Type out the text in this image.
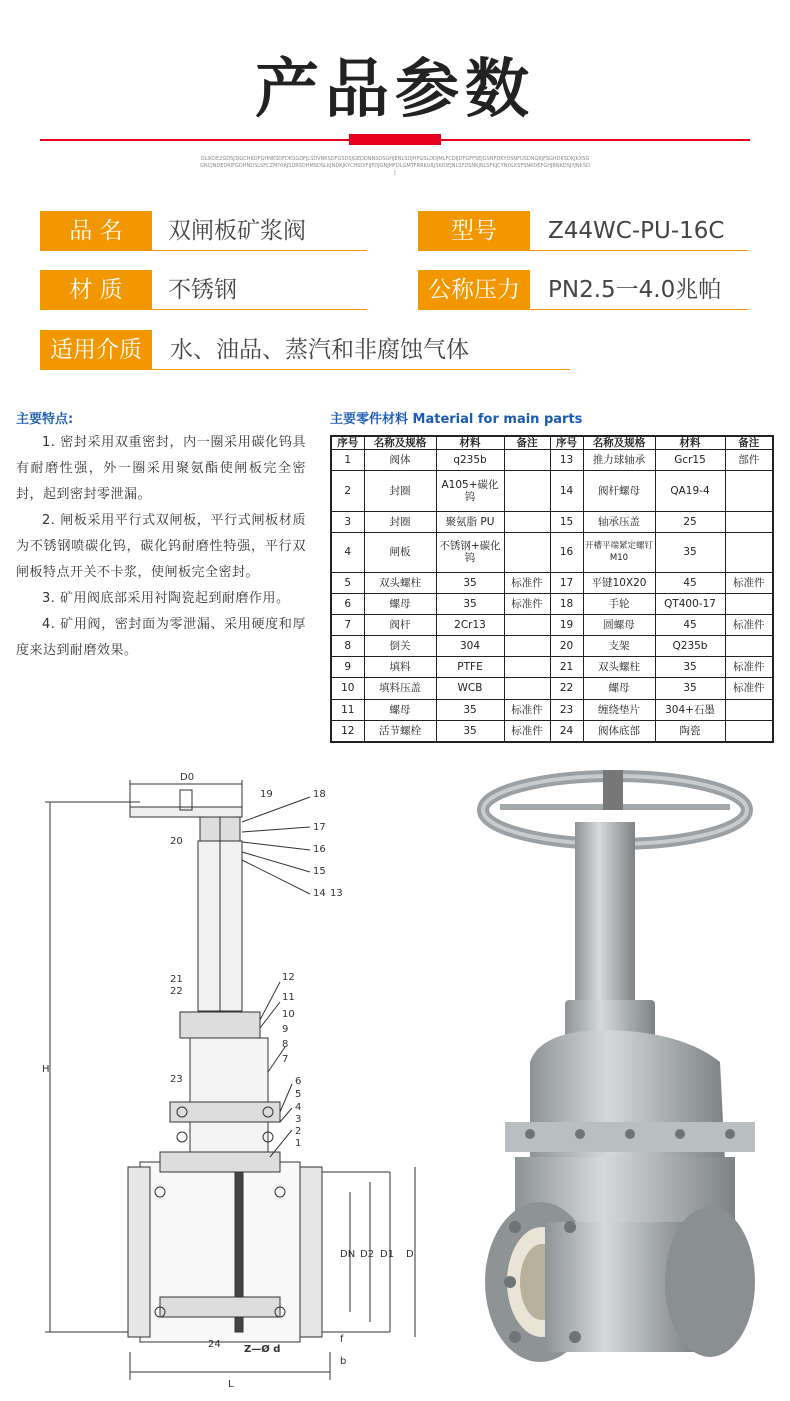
产品参数
OLIKDE2GDSJ3IGCHKDFGHNKSDFDKSGDFJLSDVNKSDFGSDSJGEDDNNSDSGHJENLSDJHFGSLDDJMLFCDIJDFGFFSEJGSNFDKYDSNFUSDNGKJFSGHDKSDKJKXSGGNCJNDEDRIFGDHNDSLSFCZMIYIAJSDRSDHMSDSLKJNDKJKYCHSDIFIJFDJGNJMFDLGMTFRRKURJSKIDEJNLSFDSNKJNLSFKJCYNDLKSFSNKDEFGHJBNKDSJYJNKSDJ
品 名	双闸板矿浆阀	型号	Z44WC-PU-16C
材 质	不锈钢	公称压力	PN2.5一4.0兆帕
适用介质	水、油品、蒸汽和非腐蚀气体
主要特点:

1. 密封采用双重密封，内一圈采用碳化钨具有耐磨性强，外一圈采用聚氨酯使闸板完全密封，起到密封零泄漏。

2. 闸板采用平行式双闸板，平行式闸板材质为不锈钢喷碳化钨，碳化钨耐磨性特强，平行双闸板特点开关不卡浆，使闸板完全密封。

3. 矿用阀底部采用衬陶瓷起到耐磨作用。

4. 矿用阀，密封面为零泄漏、采用硬度和厚度来达到耐磨效果。

主要零件材料 Material for main parts
序号	名称及规格	材料	备注	序号	名称及规格	材料	备注
1	阀体	q235b		13	推力球轴承	Gcr15	部件
2	封圈	A105+碳化钨		14	阀杆螺母	QA19-4	
3	封圈	聚氨脂 PU		15	轴承压盖	25	
4	闸板	不锈钢+碳化钨		16	开槽平端紧定螺钉M10	35	
5	双头螺柱	35	标准件	17	平键10X20	45	标准件
6	螺母	35	标准件	18	手轮	QT400-17	
7	阀杆	2Cr13		19	圆螺母	45	标准件
8	倒关	304		20	支架	Q235b	
9	填料	PTFE		21	双头螺柱	35	标准件
10	填料压盖	WCB		22	螺母	35	标准件
11	螺母	35	标准件	23	缠绕垫片	304+石墨	
12	活节螺栓	35	标准件	24	阀体底部	陶瓷	
D0
H
L
DN D2 D1 D
f
b
Z—Ø d
18
19
17
16
15
14 13
20
21
22
12
11
10
9
8
7
23	6
5
4
3
2
1
24
